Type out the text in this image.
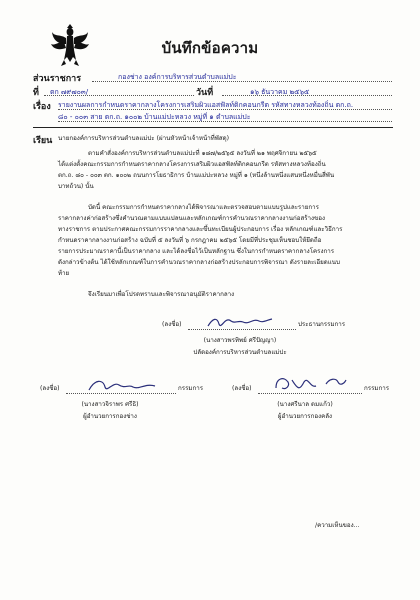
บันทึกข้อความ
ส่วนราชการ	กองช่าง องค์การบริหารส่วนตำบลแม่ปะ
ที่ ตก ๗๙๗๐๓/	วันที่	๑๖ ธันวาคม ๒๕๖๕
เรื่อง รายงานผลการกำหนดราคากลางโครงการเสริมผิวแอสฟัลท์ติกคอนกรีต รหัสทางหลวงท้องถิ่น ตก.ถ.
๘๐ - ๐๐๓ สาย ตก.ถ. ๑๐๐๒ บ้านแม่ปะหลวง หมู่ที่ ๑ ตำบลแม่ปะ
เรียน นายกองค์การบริหารส่วนตำบลแม่ปะ (ผ่านหัวหน้าเจ้าหน้าที่พัสดุ)
ตามคำสั่งองค์การบริหารส่วนตำบลแม่ปะที่ ๑๘๗/๒๕๖๕ ลงวันที่ ๒๑ พฤศจิกายน ๒๕๖๕
ได้แต่งตั้งคณะกรรมการกำหนดราคากลางโครงการเสริมผิวแอสฟัลท์ติกคอนกรีต รหัสทางหลวงท้องถิ่น
ตก.ถ. ๘๐ - ๐๐๓ ตก. ๑๐๐๒ ถนนการโยธาธิการ บ้านแม่ปะหลวง หมู่ที่ ๑ (หนึ่งล้านหนึ่งแสนหนึ่งหมื่นสี่พัน
บาทถ้วน) นั้น
บัดนี้ คณะกรรมการกำหนดราคากลางได้พิจารณาและตรวจสอบตามแบบรูปและรายการ
ราคากลางค่าก่อสร้างซึ่งคำนวณตามแบบแปลนและหลักเกณฑ์การคำนวณราคากลางงานก่อสร้างของ
ทางราชการ ตามประกาศคณะกรรมการราคากลางและขึ้นทะเบียนผู้ประกอบการ เรื่อง หลักเกณฑ์และวิธีการ
กำหนดราคากลางงานก่อสร้าง ฉบับที่ ๕ ลงวันที่ ๖ กรกฎาคม ๒๕๖๕ โดยมีที่ประชุมเห็นชอบให้ยึดถือ
รายการประมาณราคานี้เป็นราคากลาง และได้ลงชื่อไว้เป็นหลักฐาน ซึ่งในการกำหนดราคากลางโครงการ
ดังกล่าวข้างต้น ได้ใช้หลักเกณฑ์ในการคำนวณราคากลางก่อสร้างประกอบการพิจารณา ดังรายละเอียดแนบ
ท้าย
จึงเรียนมาเพื่อโปรดทราบและพิจารณาอนุมัติราคากลาง
(ลงชื่อ)	ประธานกรรมการ
(นางสาวพรทิพย์ ศรีปัญญา)
ปลัดองค์การบริหารส่วนตำบลแม่ปะ
(ลงชื่อ)	กรรมการ
(นางสาวจิราพร ศรีธิ)
ผู้อำนวยการกองช่าง
(ลงชื่อ)	กรรมการ
(นางศรีนาล ดมแก้ว)
ผู้อำนวยการกองคลัง
/ความเห็นของ...
